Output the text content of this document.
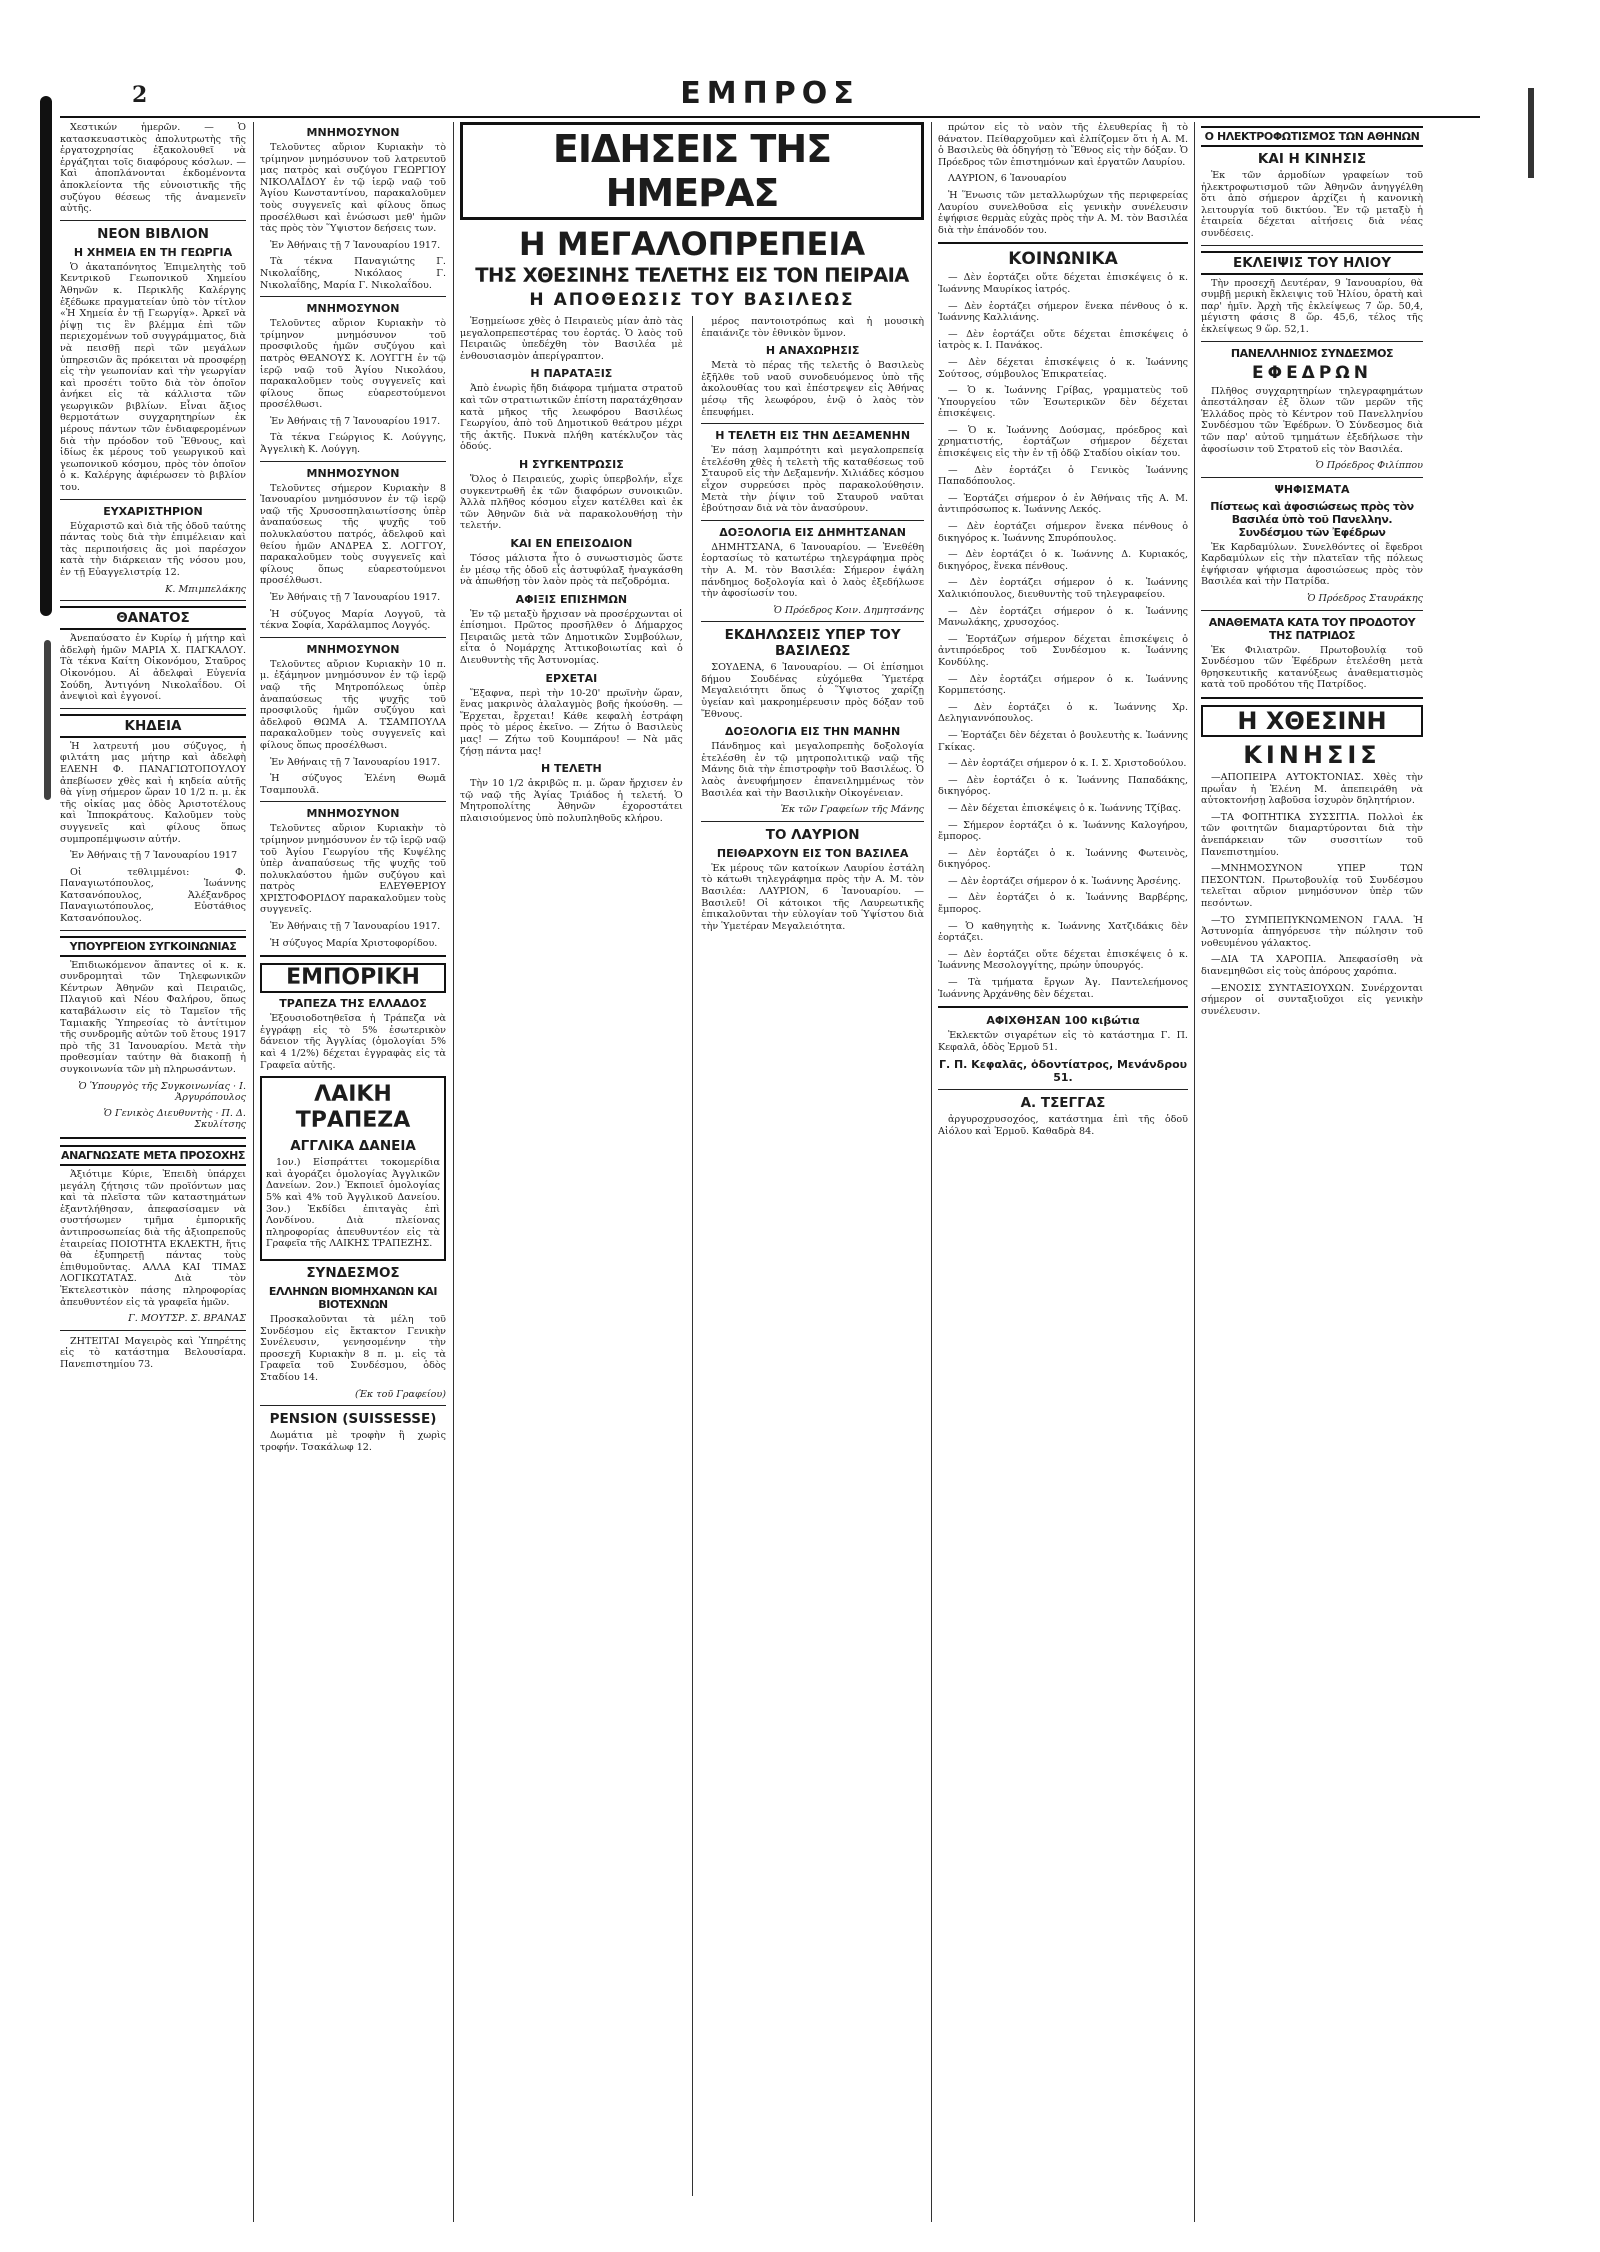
2	ΕΜΠΡΟΣ

Χεστικών ἡμερῶν. — Ὁ κατασκευαστικὸς ἀπολυτρωτὴς τῆς ἐργατοχρησίας ἐξακολουθεῖ νὰ ἐργάζηται τοῖς διαφόρους κόσλων. — Καὶ ἀποπλάνονται ἐκδομένοντα ἀποκλείοντα τῆς εὐνοιστικῆς τῆς συζύγου θέσεως τῆς ἀναμενεῖν αὐτῆς.

ΝΕΟΝ ΒΙΒΛΙΟΝ
Η ΧΗΜΕΙΑ ΕΝ ΤΗ ΓΕΩΡΓΙΑ

Ὁ ἀκαταπόνητος Ἐπιμελητὴς τοῦ Κεντρικοῦ Γεωπονικοῦ Χημείου Ἀθηνῶν κ. Περικλῆς Καλέργης ἐξέδωκε πραγματείαν ὑπὸ τὸν τίτλον «Ἡ Χημεία ἐν τῇ Γεωργίᾳ». Ἀρκεῖ νὰ ῥίψῃ τις ἓν βλέμμα ἐπὶ τῶν περιεχομένων τοῦ συγγράμματος, διὰ νὰ πεισθῇ περὶ τῶν μεγάλων ὑπηρεσιῶν ἃς πρόκειται νὰ προσφέρῃ εἰς τὴν γεωπονίαν καὶ τὴν γεωργίαν καὶ προσέτι τοῦτο διὰ τὸν ὁποῖον ἀνήκει εἰς τὰ κάλλιστα τῶν γεωργικῶν βιβλίων. Εἶναι ἄξιος θερμοτάτων συγχαρητηρίων ἐκ μέρους πάντων τῶν ἐνδιαφερομένων διὰ τὴν πρόοδον τοῦ Ἔθνους, καὶ ἰδίως ἐκ μέρους τοῦ γεωργικοῦ καὶ γεωπονικοῦ κόσμου, πρὸς τὸν ὁποῖον ὁ κ. Καλέργης ἀφιέρωσεν τὸ βιβλίον του.

ΕΥΧΑΡΙΣΤΗΡΙΟΝ

Εὐχαριστῶ καὶ διὰ τῆς ὁδοῦ ταύτης πάντας τοὺς διὰ τὴν ἐπιμέλειαν καὶ τὰς περιποιήσεις ἃς μοὶ παρέσχον κατὰ τὴν διάρκειαν τῆς νόσου μου, ἐν τῇ Εὐαγγελιστρίᾳ 12.

Κ. Μπιμπελάκης
ΘΑΝΑΤΟΣ

Ἀνεπαύσατο ἐν Κυρίῳ ἡ μήτηρ καὶ ἀδελφὴ ἡμῶν ΜΑΡΙΑ Χ. ΠΑΓΚΑΛΟΥ. Τὰ τέκνα Καίτη Οἰκονόμου, Σταῦρος Οἰκονόμου. Αἱ ἀδελφαὶ Εὐγενία Σούδη, Ἀντιγόνη Νικολαΐδου. Οἱ ἀνεψιοὶ καὶ ἐγγονοί.

ΚΗΔΕΙΑ

Ἡ λατρευτή μου σύζυγος, ἡ φιλτάτη μας μήτηρ καὶ ἀδελφὴ ΕΛΕΝΗ Φ. ΠΑΝΑΓΙΩΤΟΠΟΥΛΟΥ ἀπεβίωσεν χθὲς καὶ ἡ κηδεία αὐτῆς θὰ γίνῃ σήμερον ὥραν 10 1/2 π. μ. ἐκ τῆς οἰκίας μας ὁδὸς Ἀριστοτέλους καὶ Ἱπποκράτους. Καλοῦμεν τοὺς συγγενεῖς καὶ φίλους ὅπως συμπροπέμψωσιν αὐτήν.

Ἐν Ἀθήναις τῇ 7 Ἰανουαρίου 1917

Οἱ τεθλιμμένοι: Φ. Παναγιωτόπουλος, Ἰωάννης Κατσανόπουλος, Ἀλέξανδρος Παναγιωτόπουλος, Εὐστάθιος Κατσανόπουλος.

ΥΠΟΥΡΓΕΙΟΝ ΣΥΓΚΟΙΝΩΝΙΑΣ

Ἐπιδιωκόμενον ἅπαντες οἱ κ. κ. συνδρομηταὶ τῶν Τηλεφωνικῶν Κέντρων Ἀθηνῶν καὶ Πειραιῶς, Πλαγιοῦ καὶ Νέου Φαλήρου, ὅπως καταβάλωσιν εἰς τὸ Ταμεῖον τῆς Ταμιακῆς Ὑπηρεσίας τὸ ἀντίτιμον τῆς συνδρομῆς αὐτῶν τοῦ ἔτους 1917 πρὸ τῆς 31 Ἰανουαρίου. Μετὰ τὴν προθεσμίαν ταύτην θὰ διακοπῇ ἡ συγκοινωνία τῶν μὴ πληρωσάντων.

Ὁ Ὑπουργὸς τῆς Συγκοινωνίας · Ι. Ἀργυρόπουλος
Ὁ Γενικὸς Διευθυντὴς · Π. Δ. Σκυλίτσης
ΑΝΑΓΝΩΣΑΤΕ ΜΕΤΑ ΠΡΟΣΟΧΗΣ

Ἀξιότιμε Κύριε, Ἐπειδὴ ὑπάρχει μεγάλη ζήτησις τῶν προϊόντων μας καὶ τὰ πλεῖστα τῶν καταστημάτων ἐξαντλήθησαν, ἀπεφασίσαμεν νὰ συστήσωμεν τμῆμα ἐμπορικῆς ἀντιπροσωπείας διὰ τῆς ἀξιοπρεποῦς ἑταιρείας ΠΟΙΟΤΗΤΑ ΕΚΛΕΚΤΗ, ἥτις θὰ ἐξυπηρετῇ πάντας τοὺς ἐπιθυμοῦντας. ΑΛΛΑ ΚΑΙ ΤΙΜΑΣ ΛΟΓΙΚΩΤΑΤΑΣ. Διὰ τὸν Ἐκτελεστικὸν πάσης πληροφορίας ἀπευθυντέον εἰς τὰ γραφεῖα ἡμῶν.

Γ. ΜΟΥΤΣΡ. Σ. ΒΡΑΝΑΣ

ΖΗΤΕΙΤΑΙ Μαγειρὸς καὶ Ὑπηρέτης εἰς τὸ κατάστημα Βελουσίαρα. Πανεπιστημίου 73.

ΜΝΗΜΟΣΥΝΟΝ

Τελοῦντες αὔριον Κυριακὴν τὸ τρίμηνον μνημόσυνον τοῦ λατρευτοῦ μας πατρὸς καὶ συζύγου ΓΕΩΡΓΙΟΥ ΝΙΚΟΛΑΪΔΟΥ ἐν τῷ ἱερῷ ναῷ τοῦ Ἁγίου Κωνσταντίνου, παρακαλοῦμεν τοὺς συγγενεῖς καὶ φίλους ὅπως προσέλθωσι καὶ ἑνώσωσι μεθ' ἡμῶν τὰς πρὸς τὸν Ὕψιστον δεήσεις των.

Ἐν Ἀθήναις τῇ 7 Ἰανουαρίου 1917.

Τὰ τέκνα Παναγιώτης Γ. Νικολαΐδης, Νικόλαος Γ. Νικολαΐδης, Μαρία Γ. Νικολαΐδου.

ΜΝΗΜΟΣΥΝΟΝ

Τελοῦντες αὔριον Κυριακὴν τὸ τρίμηνον μνημόσυνον τοῦ προσφιλοῦς ἡμῶν συζύγου καὶ πατρὸς ΘΕΑΝΟΥΣ Κ. ΛΟΥΓΓΗ ἐν τῷ ἱερῷ ναῷ τοῦ Ἁγίου Νικολάου, παρακαλοῦμεν τοὺς συγγενεῖς καὶ φίλους ὅπως εὐαρεστούμενοι προσέλθωσι.

Ἐν Ἀθήναις τῇ 7 Ἰανουαρίου 1917.

Τὰ τέκνα Γεώργιος Κ. Λούγγης, Ἀγγελικὴ Κ. Λούγγη.

ΜΝΗΜΟΣΥΝΟΝ

Τελοῦντες σήμερον Κυριακὴν 8 Ἰανουαρίου μνημόσυνον ἐν τῷ ἱερῷ ναῷ τῆς Χρυσοσπηλαιωτίσσης ὑπὲρ ἀναπαύσεως τῆς ψυχῆς τοῦ πολυκλαύστου πατρός, ἀδελφοῦ καὶ θείου ἡμῶν ΑΝΔΡΕΑ Σ. ΛΟΓΓΟΥ, παρακαλοῦμεν τοὺς συγγενεῖς καὶ φίλους ὅπως εὐαρεστούμενοι προσέλθωσι.

Ἐν Ἀθήναις τῇ 7 Ἰανουαρίου 1917.

Ἡ σύζυγος Μαρία Λογγοῦ, τὰ τέκνα Σοφία, Χαράλαμπος Λογγός.

ΜΝΗΜΟΣΥΝΟΝ

Τελοῦντες αὔριον Κυριακὴν 10 π. μ. ἐξάμηνον μνημόσυνον ἐν τῷ ἱερῷ ναῷ τῆς Μητροπόλεως ὑπὲρ ἀναπαύσεως τῆς ψυχῆς τοῦ προσφιλοῦς ἡμῶν συζύγου καὶ ἀδελφοῦ ΘΩΜΑ Α. ΤΣΑΜΠΟΥΛΑ παρακαλοῦμεν τοὺς συγγενεῖς καὶ φίλους ὅπως προσέλθωσι.

Ἐν Ἀθήναις τῇ 7 Ἰανουαρίου 1917.

Ἡ σύζυγος Ἑλένη Θωμᾶ Τσαμπουλᾶ.

ΜΝΗΜΟΣΥΝΟΝ

Τελοῦντες αὔριον Κυριακὴν τὸ τρίμηνον μνημόσυνον ἐν τῷ ἱερῷ ναῷ τοῦ Ἁγίου Γεωργίου τῆς Κυψέλης ὑπὲρ ἀναπαύσεως τῆς ψυχῆς τοῦ πολυκλαύστου ἡμῶν συζύγου καὶ πατρὸς ΕΛΕΥΘΕΡΙΟΥ ΧΡΙΣΤΟΦΟΡΙΔΟΥ παρακαλοῦμεν τοὺς συγγενεῖς.

Ἐν Ἀθήναις τῇ 7 Ἰανουαρίου 1917.

Ἡ σύζυγος Μαρία Χριστοφορίδου.

ΕΜΠΟΡΙΚΗ
ΤΡΑΠΕΖΑ ΤΗΣ ΕΛΛΑΔΟΣ

Ἐξουσιοδοτηθεῖσα ἡ Τράπεζα νὰ ἐγγράφῃ εἰς τὸ 5% ἐσωτερικὸν δάνειον τῆς Ἀγγλίας (ὁμολογίαι 5% καὶ 4 1/2%) δέχεται ἐγγραφὰς εἰς τὰ Γραφεῖα αὐτῆς.

ΛΑΙΚΗ ΤΡΑΠΕΖΑ
ΑΓΓΛΙΚΑ ΔΑΝΕΙΑ

1ον.) Εἰσπράττει τοκομερίδια καὶ ἀγοράζει ὁμολογίας Ἀγγλικῶν Δανείων. 2ον.) Ἐκποιεῖ ὁμολογίας 5% καὶ 4% τοῦ Ἀγγλικοῦ Δανείου. 3ον.) Ἐκδίδει ἐπιταγὰς ἐπὶ Λονδίνου. Διὰ πλείονας πληροφορίας ἀπευθυντέον εἰς τὰ Γραφεῖα τῆς ΛΑΙΚΗΣ ΤΡΑΠΕΖΗΣ.

ΣΥΝΔΕΣΜΟΣ
ΕΛΛΗΝΩΝ ΒΙΟΜΗΧΑΝΩΝ ΚΑΙ ΒΙΟΤΕΧΝΩΝ

Προσκαλοῦνται τὰ μέλη τοῦ Συνδέσμου εἰς ἔκτακτον Γενικὴν Συνέλευσιν, γενησομένην τὴν προσεχῆ Κυριακὴν 8 π. μ. εἰς τὰ Γραφεῖα τοῦ Συνδέσμου, ὁδὸς Σταδίου 14.

(Ἐκ τοῦ Γραφείου)
PENSION (SUISSESSE)

Δωμάτια μὲ τροφὴν ἢ χωρὶς τροφήν. Τσακάλωφ 12.

ΕΙΔΗΣΕΙΣ ΤΗΣ ΗΜΕΡΑΣ
Η ΜΕΓΑΛΟΠΡΕΠΕΙΑ
ΤΗΣ ΧΘΕΣΙΝΗΣ ΤΕΛΕΤΗΣ ΕΙΣ ΤΟΝ ΠΕΙΡΑΙΑ
Η ΑΠΟΘΕΩΣΙΣ ΤΟΥ ΒΑΣΙΛΕΩΣ

Ἐσῃμείωσε χθὲς ὁ Πειραιεὺς μίαν ἀπὸ τὰς μεγαλοπρεπεστέρας του ἑορτάς. Ὁ λαὸς τοῦ Πειραιῶς ὑπεδέχθη τὸν Βασιλέα μὲ ἐνθουσιασμὸν ἀπερίγραπτον.

Η ΠΑΡΑΤΑΞΙΣ

Ἀπὸ ἐνωρὶς ἤδη διάφορα τμήματα στρατοῦ καὶ τῶν στρατιωτικῶν ἐπίστη παρατάχθησαν κατὰ μῆκος τῆς λεωφόρου Βασιλέως Γεωργίου, ἀπὸ τοῦ Δημοτικοῦ θεάτρου μέχρι τῆς ἀκτῆς. Πυκνὰ πλήθη κατέκλυζον τὰς ὁδούς.

Η ΣΥΓΚΕΝΤΡΩΣΙΣ

Ὅλος ὁ Πειραιεύς, χωρὶς ὑπερβολήν, εἶχε συγκεντρωθῆ ἐκ τῶν διαφόρων συνοικιῶν. Ἀλλὰ πλῆθος κόσμου εἶχεν κατέλθει καὶ ἐκ τῶν Ἀθηνῶν διὰ νὰ παρακολουθήσῃ τὴν τελετήν.

ΚΑΙ ΕΝ ΕΠΕΙΣΟΔΙΟΝ

Τόσος μάλιστα ἦτο ὁ συνωστισμὸς ὥστε ἐν μέσῳ τῆς ὁδοῦ εἷς ἀστυφύλαξ ἠναγκάσθη νὰ ἀπωθήσῃ τὸν λαὸν πρὸς τὰ πεζοδρόμια.

ΑΦΙΞΙΣ ΕΠΙΣΗΜΩΝ

Ἐν τῷ μεταξὺ ἤρχισαν νὰ προσέρχωνται οἱ ἐπίσημοι. Πρῶτος προσῆλθεν ὁ Δήμαρχος Πειραιῶς μετὰ τῶν Δημοτικῶν Συμβούλων, εἶτα ὁ Νομάρχης Ἀττικοβοιωτίας καὶ ὁ Διευθυντὴς τῆς Ἀστυνομίας.

ΕΡΧΕΤΑΙ

Ἔξαφνα, περὶ τὴν 10-20' πρωϊνὴν ὥραν, ἕνας μακρινὸς ἀλαλαγμὸς βοῆς ἠκούσθη. — Ἔρχεται, ἔρχεται! Κάθε κεφαλὴ ἐστράφη πρὸς τὸ μέρος ἐκεῖνο. — Ζήτω ὁ Βασιλεὺς μας! — Ζήτω τοῦ Κουμπάρου! — Νὰ μᾶς ζήσῃ πάντα μας!

Η ΤΕΛΕΤΗ

Τὴν 10 1/2 ἀκριβῶς π. μ. ὥραν ἤρχισεν ἐν τῷ ναῷ τῆς Ἁγίας Τριάδος ἡ τελετή. Ὁ Μητροπολίτης Ἀθηνῶν ἐχοροστάτει πλαισιούμενος ὑπὸ πολυπληθοῦς κλήρου.

μέρος παντοιοτρόπως καὶ ἡ μουσικὴ ἐπαιάνιζε τὸν ἐθνικὸν ὕμνον.

Η ΑΝΑΧΩΡΗΣΙΣ

Μετὰ τὸ πέρας τῆς τελετῆς ὁ Βασιλεὺς ἐξῆλθε τοῦ ναοῦ συνοδευόμενος ὑπὸ τῆς ἀκολουθίας του καὶ ἐπέστρεψεν εἰς Ἀθήνας μέσῳ τῆς λεωφόρου, ἐνῷ ὁ λαὸς τὸν ἐπευφήμει.

Η ΤΕΛΕΤΗ ΕΙΣ ΤΗΝ ΔΕΞΑΜΕΝΗΝ

Ἐν πάσῃ λαμπρότητι καὶ μεγαλοπρεπείᾳ ἐτελέσθη χθὲς ἡ τελετὴ τῆς καταθέσεως τοῦ Σταυροῦ εἰς τὴν Δεξαμενήν. Χιλιάδες κόσμου εἶχον συρρεύσει πρὸς παρακολούθησιν. Μετὰ τὴν ῥίψιν τοῦ Σταυροῦ ναῦται ἐβούτησαν διὰ νὰ τὸν ἀνασύρουν.

ΔΟΞΟΛΟΓΙΑ ΕΙΣ ΔΗΜΗΤΣΑΝΑΝ

ΔΗΜΗΤΣΑΝΑ, 6 Ἰανουαρίου. — Ἐνεθέθη ἑορτασίως τὸ κατωτέρω τηλεγράφημα πρὸς τὴν Α. Μ. τὸν Βασιλέα: Σήμερον ἐψάλη πάνδημος δοξολογία καὶ ὁ λαὸς ἐξεδήλωσε τὴν ἀφοσίωσίν του.

Ὁ Πρόεδρος Κοιν. Δημητσάνης
ΕΚΔΗΛΩΣΕΙΣ ΥΠΕΡ ΤΟΥ ΒΑΣΙΛΕΩΣ

ΣΟΥΔΕΝΑ, 6 Ἰανουαρίου. — Οἱ ἐπίσημοι δήμου Σουδένας εὐχόμεθα Ὑμετέρᾳ Μεγαλειότητι ὅπως ὁ Ὕψιστος χαρίζῃ ὑγείαν καὶ μακροημέρευσιν πρὸς δόξαν τοῦ Ἔθνους.

ΔΟΞΟΛΟΓΙΑ ΕΙΣ ΤΗΝ ΜΑΝΗΝ

Πάνδημος καὶ μεγαλοπρεπὴς δοξολογία ἐτελέσθη ἐν τῷ μητροπολιτικῷ ναῷ τῆς Μάνης διὰ τὴν ἐπιστροφὴν τοῦ Βασιλέως. Ὁ λαὸς ἀνευφήμησεν ἐπανειλημμένως τὸν Βασιλέα καὶ τὴν Βασιλικὴν Οἰκογένειαν.

Ἐκ τῶν Γραφείων τῆς Μάνης
ΤΟ ΛΑΥΡΙΟΝ
ΠΕΙΘΑΡΧΟΥΝ ΕΙΣ ΤΟΝ ΒΑΣΙΛΕΑ

Ἐκ μέρους τῶν κατοίκων Λαυρίου ἐστάλη τὸ κάτωθι τηλεγράφημα πρὸς τὴν Α. Μ. τὸν Βασιλέα: ΛΑΥΡΙΟΝ, 6 Ἰανουαρίου. — Βασιλεῦ! Οἱ κάτοικοι τῆς Λαυρεωτικῆς ἐπικαλοῦνται τὴν εὐλογίαν τοῦ Ὑψίστου διὰ τὴν Ὑμετέραν Μεγαλειότητα.

πρώτον εἰς τὸ ναὸν τῆς ἐλευθερίας ἢ τὸ θάνατον. Πείθαρχοῦμεν καὶ ἐλπίζομεν ὅτι ἡ Α. Μ. ὁ Βασιλεὺς θὰ ὁδηγήσῃ τὸ Ἔθνος εἰς τὴν δόξαν. Ὁ Πρόεδρος τῶν ἐπιστημόνων καὶ ἐργατῶν Λαυρίου.

ΛΑΥΡΙΟΝ, 6 Ἰανουαρίου

Ἡ Ἕνωσις τῶν μεταλλωρύχων τῆς περιφερείας Λαυρίου συνελθοῦσα εἰς γενικὴν συνέλευσιν ἐψήφισε θερμὰς εὐχὰς πρὸς τὴν Α. Μ. τὸν Βασιλέα διὰ τὴν ἐπάνοδόν του.

ΚΟΙΝΩΝΙΚΑ

— Δὲν ἑορτάζει οὔτε δέχεται ἐπισκέψεις ὁ κ. Ἰωάννης Μαυρίκος ἰατρός.

— Δὲν ἑορτάζει σήμερον ἕνεκα πένθους ὁ κ. Ἰωάννης Καλλιάνης.

— Δὲν ἑορτάζει οὔτε δέχεται ἐπισκέψεις ὁ ἰατρὸς κ. Ι. Πανάκος.

— Δὲν δέχεται ἐπισκέψεις ὁ κ. Ἰωάννης Σούτσος, σύμβουλος Ἐπικρατείας.

— Ὁ κ. Ἰωάννης Γρίβας, γραμματεὺς τοῦ Ὑπουργείου τῶν Ἐσωτερικῶν δὲν δέχεται ἐπισκέψεις.

— Ὁ κ. Ἰωάννης Δούσμας, πρόεδρος καὶ χρηματιστής, ἑορτάζων σήμερον δέχεται ἐπισκέψεις εἰς τὴν ἐν τῇ ὁδῷ Σταδίου οἰκίαν του.

— Δὲν ἑορτάζει ὁ Γενικὸς Ἰωάννης Παπαδόπουλος.

— Ἑορτάζει σήμερον ὁ ἐν Ἀθήναις τῆς Α. Μ. ἀντιπρόσωπος κ. Ἰωάννης Λεκός.

— Δὲν ἑορτάζει σήμερον ἕνεκα πένθους ὁ δικηγόρος κ. Ἰωάννης Σπυρόπουλος.

— Δὲν ἑορτάζει ὁ κ. Ἰωάννης Δ. Κυριακός, δικηγόρος, ἕνεκα πένθους.

— Δὲν ἑορτάζει σήμερον ὁ κ. Ἰωάννης Χαλικιόπουλος, διευθυντὴς τοῦ τηλεγραφείου.

— Δὲν ἑορτάζει σήμερον ὁ κ. Ἰωάννης Μανωλάκης, χρυσοχόος.

— Ἑορτάζων σήμερον δέχεται ἐπισκέψεις ὁ ἀντιπρόεδρος τοῦ Συνδέσμου κ. Ἰωάννης Κονδύλης.

— Δὲν ἑορτάζει σήμερον ὁ κ. Ἰωάννης Κορμπετόσης.

— Δὲν ἑορτάζει ὁ κ. Ἰωάννης Χρ. Δεληγιαννόπουλος.

— Ἑορτάζει δὲν δέχεται ὁ βουλευτὴς κ. Ἰωάννης Γκίκας.

— Δὲν ἑορτάζει σήμερον ὁ κ. Ι. Σ. Χριστοδούλου.

— Δὲν ἑορτάζει ὁ κ. Ἰωάννης Παπαδάκης, δικηγόρος.

— Δὲν δέχεται ἐπισκέψεις ὁ κ. Ἰωάννης Τζίβας.

— Σήμερον ἑορτάζει ὁ κ. Ἰωάννης Καλογήρου, ἔμπορος.

— Δὲν ἑορτάζει ὁ κ. Ἰωάννης Φωτεινὸς, δικηγόρος.

— Δὲν ἑορτάζει σήμερον ὁ κ. Ἰωάννης Ἀρσένης.

— Δὲν ἑορτάζει ὁ κ. Ἰωάννης Βαρβέρης, ἔμπορος.

— Ὁ καθηγητὴς κ. Ἰωάννης Χατζιδάκις δὲν ἑορτάζει.

— Δὲν ἑορτάζει οὔτε δέχεται ἐπισκέψεις ὁ κ. Ἰωάννης Μεσολογγίτης, πρώην ὑπουργός.

— Τὰ τμήματα ἔργων Ἀγ. Παντελεήμονος Ἰωάννης Ἀρχάνθης δὲν δέχεται.

ΑΦΙΧΘΗΣΑΝ 100 κιβώτια

Ἐκλεκτῶν σιγαρέτων εἰς τὸ κατάστημα Γ. Π. Κεφαλᾶ, ὁδὸς Ἑρμοῦ 51.

Γ. Π. Κεφαλᾶς, ὁδοντίατρος, Μενάνδρου 51.
Α. ΤΣΕΓΓΑΣ

ἀργυροχρυσοχόος, κατάστημα ἐπὶ τῆς ὁδοῦ Αἰόλου καὶ Ἑρμοῦ. Καθαδρὰ 84.

Ο ΗΛΕΚΤΡΟΦΩΤΙΣΜΟΣ ΤΩΝ ΑΘΗΝΩΝ
ΚΑΙ Η ΚΙΝΗΣΙΣ

Ἐκ τῶν ἀρμοδίων γραφείων τοῦ ἠλεκτροφωτισμοῦ τῶν Ἀθηνῶν ἀνηγγέλθη ὅτι ἀπὸ σήμερον ἀρχίζει ἡ κανονικὴ λειτουργία τοῦ δικτύου. Ἔν τῷ μεταξὺ ἡ ἐταιρεία δέχεται αἰτήσεις διὰ νέας συνδέσεις.

ΕΚΛΕΙΨΙΣ ΤΟΥ ΗΛΙΟΥ

Τὴν προσεχῆ Δευτέραν, 9 Ἰανουαρίου, θὰ συμβῇ μερικὴ ἔκλειψις τοῦ Ἡλίου, ὁρατὴ καὶ παρ' ἡμῖν. Ἀρχὴ τῆς ἐκλείψεως 7 ὥρ. 50,4, μέγιστη φάσις 8 ὥρ. 45,6, τέλος τῆς ἐκλείψεως 9 ὥρ. 52,1.

ΠΑΝΕΛΛΗΝΙΟΣ ΣΥΝΔΕΣΜΟΣ
ΕΦΕΔΡΩΝ

Πλῆθος συγχαρητηρίων τηλεγραφημάτων ἀπεστάλησαν ἐξ ὅλων τῶν μερῶν τῆς Ἑλλάδος πρὸς τὸ Κέντρον τοῦ Πανελληνίου Συνδέσμου τῶν Ἐφέδρων. Ὁ Σύνδεσμος διὰ τῶν παρ' αὐτοῦ τμημάτων ἐξεδήλωσε τὴν ἀφοσίωσιν τοῦ Στρατοῦ εἰς τὸν Βασιλέα.

Ὁ Πρόεδρος Φιλίππου
ΨΗΦΙΣΜΑΤΑ
Πίστεως καὶ ἀφοσιώσεως πρὸς τὸν Βασιλέα ὑπὸ τοῦ Πανελλην. Συνδέσμου τῶν Ἐφέδρων

Ἐκ Καρδαμύλων. Συνελθόντες οἱ ἔφεδροι Καρδαμύλων εἰς τὴν πλατεῖαν τῆς πόλεως ἐψήφισαν ψήφισμα ἀφοσιώσεως πρὸς τὸν Βασιλέα καὶ τὴν Πατρίδα.

Ὁ Πρόεδρος Σταυράκης
ΑΝΑΘΕΜΑΤΑ ΚΑΤΑ ΤΟΥ ΠΡΟΔΟΤΟΥ ΤΗΣ ΠΑΤΡΙΔΟΣ

Ἐκ Φιλιατρῶν. Πρωτοβουλίᾳ τοῦ Συνδέσμου τῶν Ἐφέδρων ἐτελέσθη μετὰ θρησκευτικῆς κατανύξεως ἀναθεματισμὸς κατὰ τοῦ προδότου τῆς Πατρίδος.

Η ΧΘΕΣΙΝΗ
ΚΙΝΗΣΙΣ

—ΑΠΟΠΕΙΡΑ ΑΥΤΟΚΤΟΝΙΑΣ. Χθὲς τὴν πρωΐαν ἡ Ἑλένη Μ. ἀπεπειράθη νὰ αὐτοκτονήσῃ λαβοῦσα ἰσχυρὸν δηλητήριον.

—ΤΑ ΦΟΙΤΗΤΙΚΑ ΣΥΣΣΙΤΙΑ. Πολλοὶ ἐκ τῶν φοιτητῶν διαμαρτύρονται διὰ τὴν ἀνεπάρκειαν τῶν συσσιτίων τοῦ Πανεπιστημίου.

—ΜΝΗΜΟΣΥΝΟΝ ΥΠΕΡ ΤΩΝ ΠΕΣΟΝΤΩΝ. Πρωτοβουλίᾳ τοῦ Συνδέσμου τελεῖται αὔριον μνημόσυνον ὑπὲρ τῶν πεσόντων.

—ΤΟ ΣΥΜΠΕΠΥΚΝΩΜΕΝΟΝ ΓΑΛΑ. Ἡ Ἀστυνομία ἀπηγόρευσε τὴν πώλησιν τοῦ νοθευμένου γάλακτος.

—ΔΙΑ ΤΑ ΧΑΡΟΠΙΑ. Ἀπεφασίσθη νὰ διανεμηθῶσι εἰς τοὺς ἀπόρους χαρόπια.

—ΕΝΟΣΙΣ ΣΥΝΤΑΞΙΟΥΧΩΝ. Συνέρχονται σήμερον οἱ συνταξιοῦχοι εἰς γενικὴν συνέλευσιν.
